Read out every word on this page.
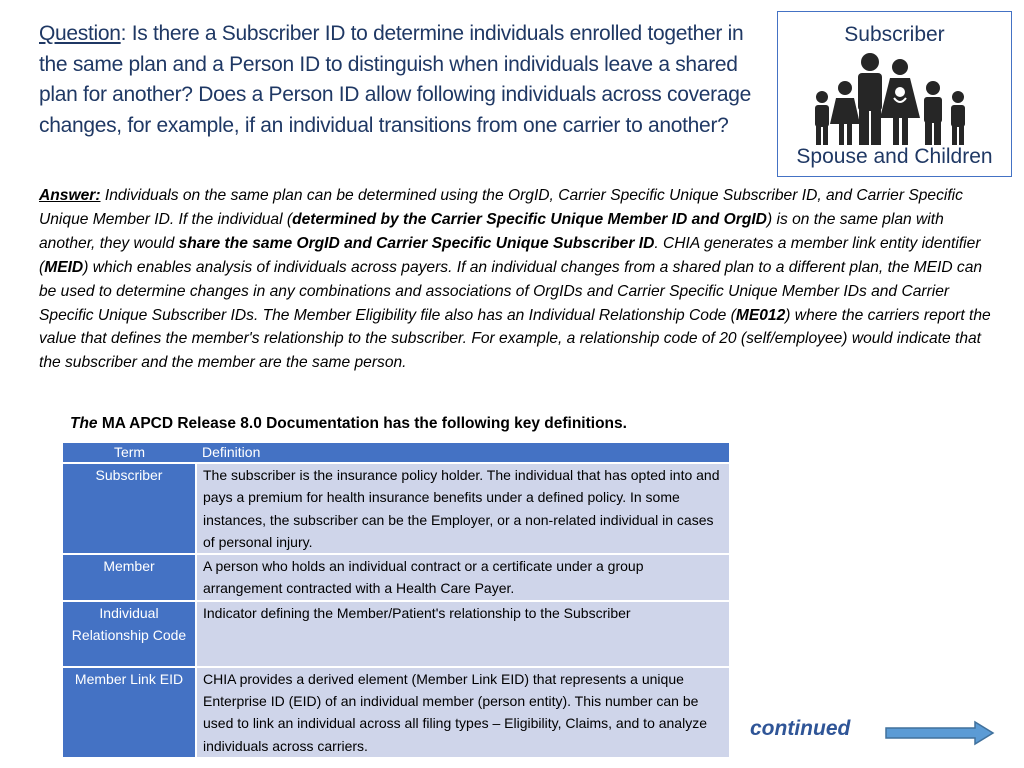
Question: Is there a Subscriber ID to determine individuals enrolled together in the same plan and a Person ID to distinguish when individuals leave a shared plan for another? Does a Person ID allow following individuals across coverage changes, for example, if an individual transitions from one carrier to another?
Subscriber
Spouse and Children
Answer: Individuals on the same plan can be determined using the OrgID, Carrier Specific Unique Subscriber ID, and Carrier Specific Unique Member ID. If the individual (determined by the Carrier Specific Unique Member ID and OrgID) is on the same plan with another, they would share the same OrgID and Carrier Specific Unique Subscriber ID. CHIA generates a member link entity identifier (MEID) which enables analysis of individuals across payers. If an individual changes from a shared plan to a different plan, the MEID can be used to determine changes in any combinations and associations of OrgIDs and Carrier Specific Unique Member IDs and Carrier Specific Unique Subscriber IDs. The Member Eligibility file also has an Individual Relationship Code (ME012) where the carriers report the value that defines the member's relationship to the subscriber. For example, a relationship code of 20 (self/employee) would indicate that the subscriber and the member are the same person.
The MA APCD Release 8.0 Documentation has the following key definitions.
Term	Definition
Subscriber	The subscriber is the insurance policy holder. The individual that has opted into and pays a premium for health insurance benefits under a defined policy. In some instances, the subscriber can be the Employer, or a non-related individual in cases of personal injury.
Member	A person who holds an individual contract or a certificate under a group arrangement contracted with a Health Care Payer.
Individual Relationship Code	Indicator defining the Member/Patient's relationship to the Subscriber
Member Link EID	CHIA provides a derived element (Member Link EID) that represents a unique Enterprise ID (EID) of an individual member (person entity). This number can be used to link an individual across all filing types – Eligibility, Claims, and to analyze individuals across carriers.
continued
